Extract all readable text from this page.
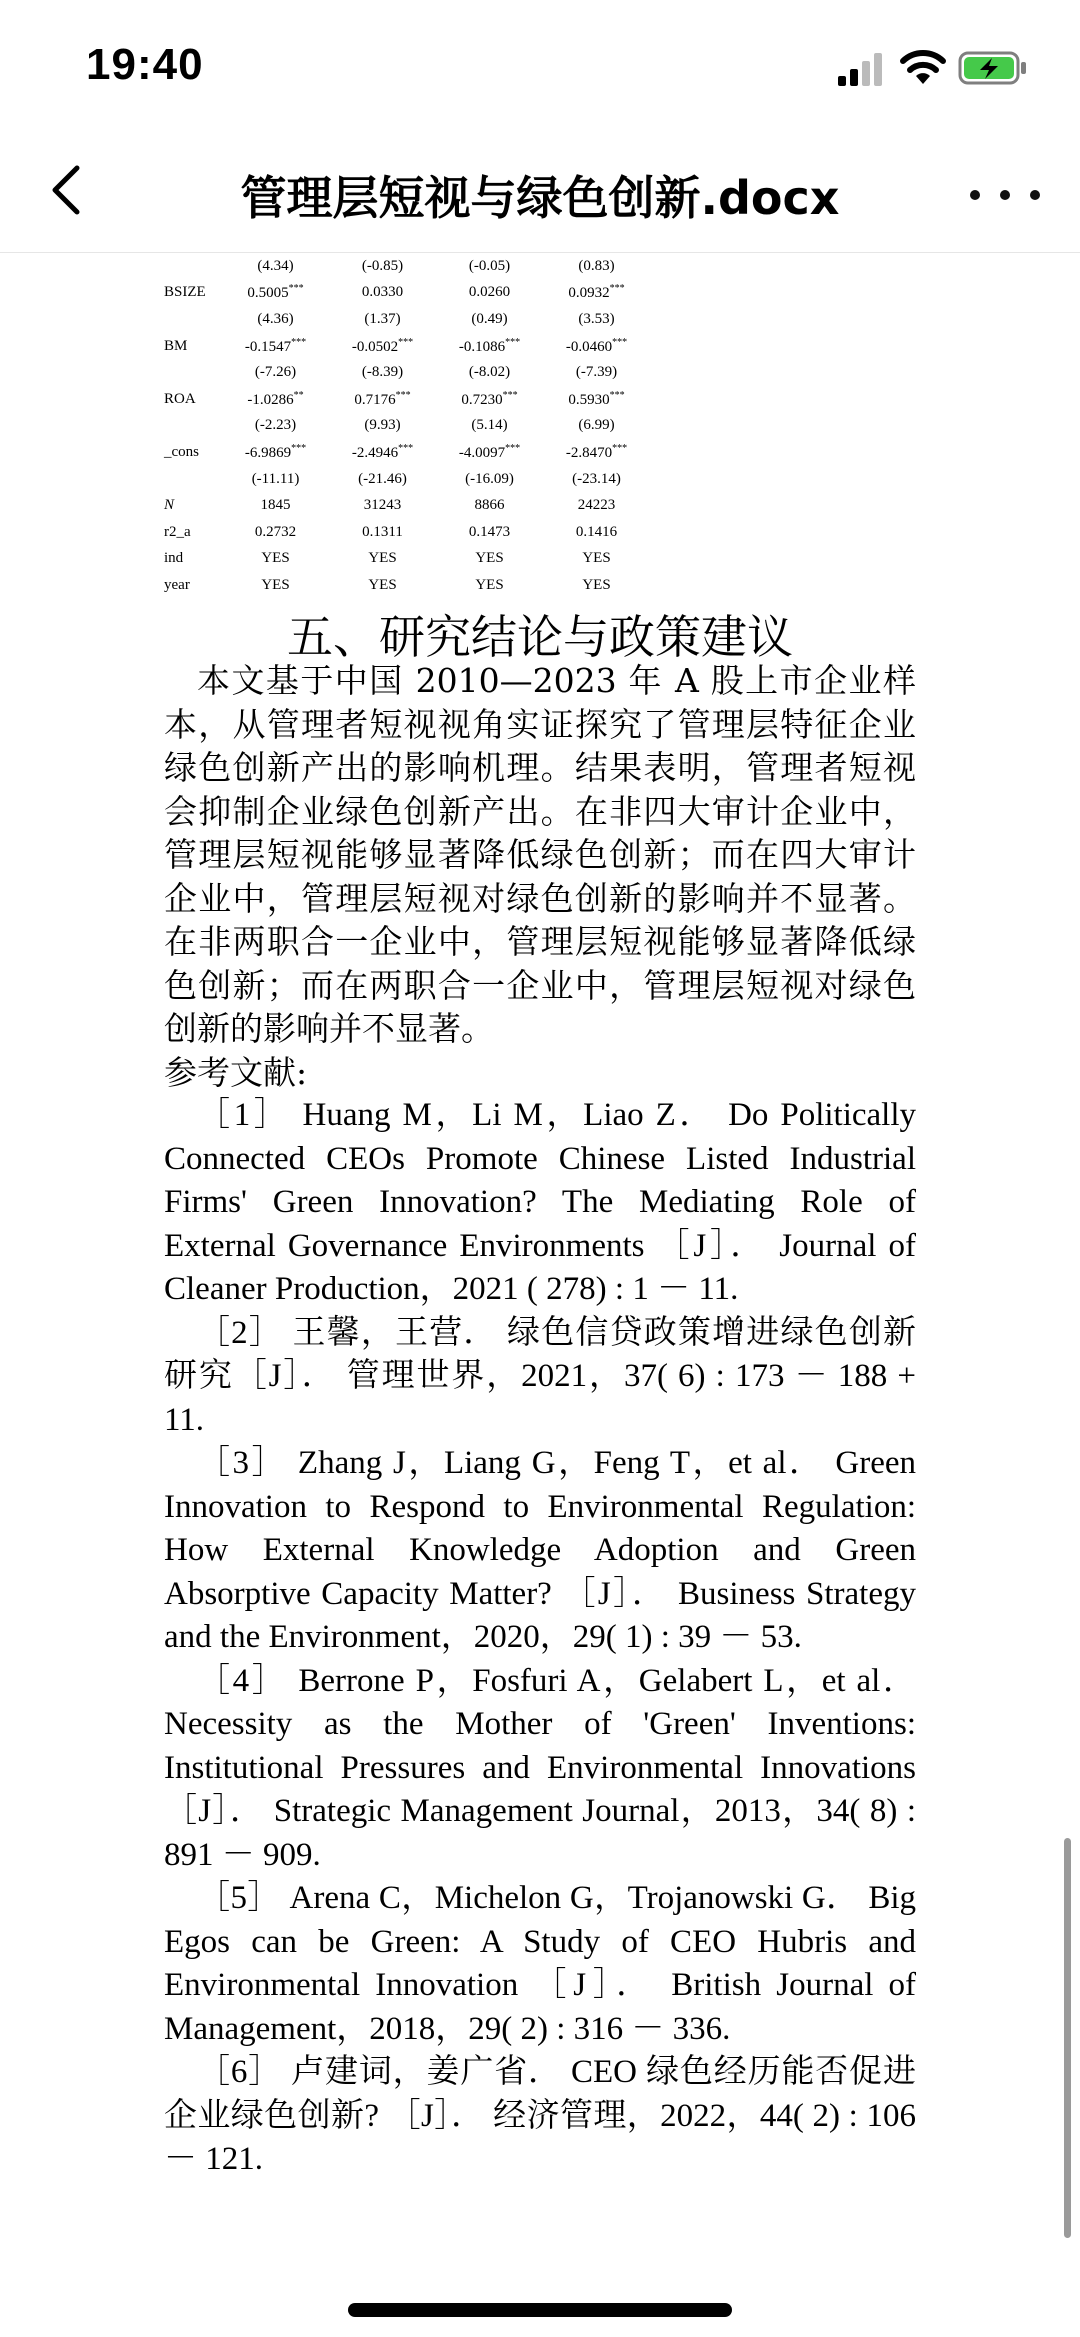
19:40
管理层短视与绿色创新.docx
	(4.34)	(-0.85)	(-0.05)	(0.83)
BSIZE	0.5005***	0.0330	0.0260	0.0932***
	(4.36)	(1.37)	(0.49)	(3.53)
BM	-0.1547***	-0.0502***	-0.1086***	-0.0460***
	(-7.26)	(-8.39)	(-8.02)	(-7.39)
ROA	-1.0286**	0.7176***	0.7230***	0.5930***
	(-2.23)	(9.93)	(5.14)	(6.99)
_cons	-6.9869***	-2.4946***	-4.0097***	-2.8470***
	(-11.11)	(-21.46)	(-16.09)	(-23.14)
N	1845	31243	8866	24223
r2_a	0.2732	0.1311	0.1473	0.1416
ind	YES	YES	YES	YES
year	YES	YES	YES	YES
五、研究结论与政策建议

本文基于中国 2010—2023 年 A 股上市企业样本，从管理者短视视角实证探究了管理层特征企业绿色创新产出的影响机理。结果表明，管理者短视会抑制企业绿色创新产出。在非四大审计企业中，管理层短视能够显著降低绿色创新；而在四大审计企业中，管理层短视对绿色创新的影响并不显著。在非两职合一企业中，管理层短视能够显著降低绿色创新；而在两职合一企业中，管理层短视对绿色创新的影响并不显著。

参考文献:

［1］ Huang M，Li M，Liao Z． Do Politically Connected CEOs Promote Chinese Listed Industrial Firms' Green Innovation? The Mediating Role of External Governance Environments ［J］． Journal of Cleaner Production，2021 ( 278) : 1 － 11.

［2］ 王馨，王营． 绿色信贷政策增进绿色创新研究［J］． 管理世界，2021，37( 6) : 173 － 188 + 11.

［3］ Zhang J，Liang G，Feng T，et al． Green Innovation to Respond to Environmental Regulation: How External Knowledge Adoption and Green Absorptive Capacity Matter? ［J］． Business Strategy and the Environment，2020，29( 1) : 39 － 53.

［4］ Berrone P，Fosfuri A，Gelabert L，et al． Necessity as the Mother of 'Green' Inventions: Institutional Pressures and Environmental Innovations ［J］． Strategic Management Journal，2013，34( 8) : 891 － 909.

［5］ Arena C，Michelon G，Trojanowski G． Big Egos can be Green: A Study of CEO Hubris and Environmental Innovation ［J］． British Journal of Management，2018，29( 2) : 316 － 336.

［6］ 卢建词，姜广省． CEO 绿色经历能否促进企业绿色创新? ［J］． 经济管理，2022，44( 2) : 106 － 121.
